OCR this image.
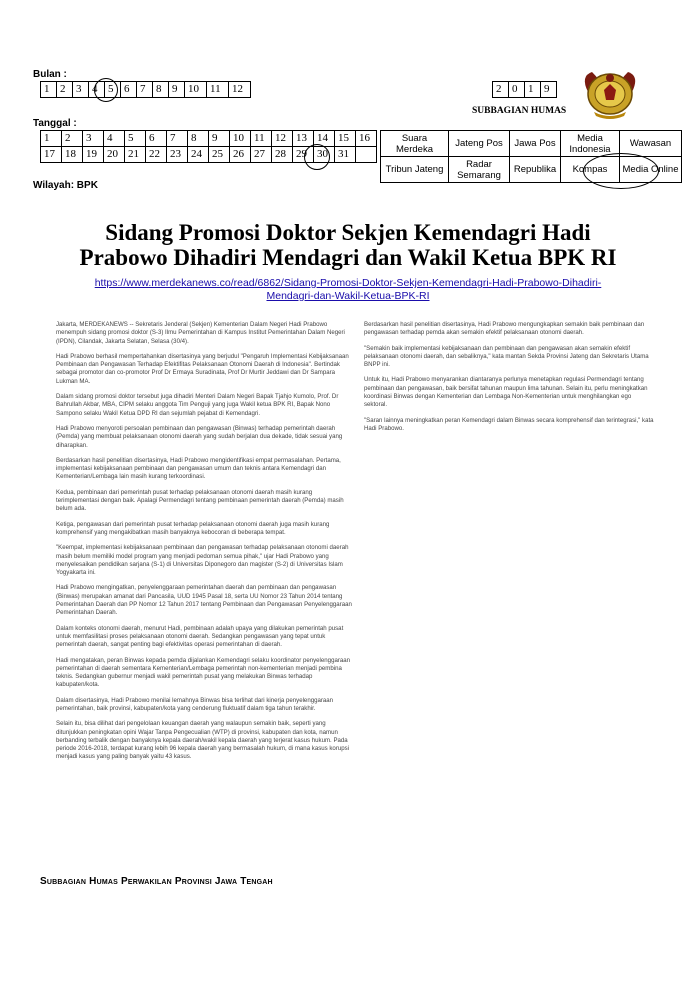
Bulan :
1	2	3	4	5	6	7	8	9	10	11	12	2	0	1	9
SUBBAGIAN HUMAS
Tanggal :
1	2	3	4	5	6	7	8	9	10	11	12	13	14	15	16
17	18	19	20	21	22	23	24	25	26	27	28	29	30	31	
Wilayah: BPK
Suara Merdeka	Jateng Pos	Jawa Pos	Media Indonesia	Wawasan
Tribun Jateng	Radar Semarang	Republika	Kompas	Media Online
Sidang Promosi Doktor Sekjen Kemendagri Hadi
Prabowo Dihadiri Mendagri dan Wakil Ketua BPK RI
https://www.merdekanews.co/read/6862/Sidang-Promosi-Doktor-Sekjen-Kemendagri-Hadi-Prabowo-Dihadiri-
Mendagri-dan-Wakil-Ketua-BPK-RI

Jakarta, MERDEKANEWS -- Sekretaris Jenderal (Sekjen) Kementerian Dalam Negeri Hadi Prabowo menempuh sidang promosi doktor (S-3) Ilmu Pemerintahan di Kampus Institut Pemerintahan Dalam Negeri (IPDN), Cilandak, Jakarta Selatan, Selasa (30/4).

Hadi Prabowo berhasil mempertahankan disertasinya yang berjudul "Pengaruh Implementasi Kebijaksanaan Pembinaan dan Pengawasan Terhadap Efektifitas Pelaksanaan Otonomi Daerah di Indonesia". Bertindak sebagai promotor dan co-promotor Prof Dr Ermaya Suradinata, Prof Dr Murtir Jeddawi dan Dr Sampara Lukman MA.

Dalam sidang promosi doktor tersebut juga dihadiri Menteri Dalam Negeri Bapak Tjahjo Kumolo, Prof. Dr Bahrullah Akbar, MBA, CIPM selaku anggota Tim Penguji yang juga Wakil ketua BPK RI, Bapak Nono Sampono selaku Wakil Ketua DPD RI dan sejumlah pejabat di Kemendagri.

Hadi Prabowo menyoroti persoalan pembinaan dan pengawasan (Binwas) terhadap pemerintah daerah (Pemda) yang membuat pelaksanaan otonomi daerah yang sudah berjalan dua dekade, tidak sesuai yang diharapkan.

Berdasarkan hasil penelitian disertasinya, Hadi Prabowo mengidentifikasi empat permasalahan. Pertama, implementasi kebijaksanaan pembinaan dan pengawasan umum dan teknis antara Kemendagri dan Kementerian/Lembaga lain masih kurang terkoordinasi.

Kedua, pembinaan dari pemerintah pusat terhadap pelaksanaan otonomi daerah masih kurang terimplementasi dengan baik. Apalagi Permendagri tentang pembinaan pemerintah daerah (Pemda) masih belum ada.

Ketiga, pengawasan dari pemerintah pusat terhadap pelaksanaan otonomi daerah juga masih kurang komprehensif yang mengakibatkan masih banyaknya kebocoran di beberapa tempat.

"Keempat, implementasi kebijaksanaan pembinaan dan pengawasan terhadap pelaksanaan otonomi daerah masih belum memiliki model program yang menjadi pedoman semua pihak," ujar Hadi Prabowo yang menyelesaikan pendidikan sarjana (S-1) di Universitas Diponegoro dan magister (S-2) di Universitas Islam Yogyakarta ini.

Hadi Prabowo mengingatkan, penyelenggaraan pemerintahan daerah dan pembinaan dan pengawasan (Binwas) merupakan amanat dari Pancasila, UUD 1945 Pasal 18, serta UU Nomor 23 Tahun 2014 tentang Pemerintahan Daerah dan PP Nomor 12 Tahun 2017 tentang Pembinaan dan Pengawasan Penyelenggaraan Pemerintahan Daerah.

Dalam konteks otonomi daerah, menurut Hadi, pembinaan adalah upaya yang dilakukan pemerintah pusat untuk memfasilitasi proses pelaksanaan otonomi daerah. Sedangkan pengawasan yang tepat untuk pemerintah daerah, sangat penting bagi efektivitas operasi pemerintahan di daerah.

Hadi mengatakan, peran Binwas kepada pemda dijalankan Kemendagri selaku koordinator penyelenggaraan pemerintahan di daerah sementara Kementerian/Lembaga pemerintah non-kementerian menjadi pembina teknis. Sedangkan gubernur menjadi wakil pemerintah pusat yang melakukan Binwas terhadap kabupaten/kota.

Dalam disertasinya, Hadi Prabowo menilai lemahnya Binwas bisa terlihat dari kinerja penyelenggaraan pemerintahan, baik provinsi, kabupaten/kota yang cenderung fluktuatif dalam tiga tahun terakhir.

Selain itu, bisa dilihat dari pengelolaan keuangan daerah yang walaupun semakin baik, seperti yang ditunjukkan peningkatan opini Wajar Tanpa Pengecualian (WTP) di provinsi, kabupaten dan kota, namun berbanding terbalik dengan banyaknya kepala daerah/wakil kepala daerah yang terjerat kasus hukum. Pada periode 2016-2018, terdapat kurang lebih 96 kepala daerah yang bermasalah hukum, di mana kasus korupsi menjadi kasus yang paling banyak yaitu 43 kasus.

Berdasarkan hasil penelitian disertasinya, Hadi Prabowo mengungkapkan semakin baik pembinaan dan pengawasan terhadap pemda akan semakin efektif pelaksanaan otonomi daerah.

"Semakin baik implementasi kebijaksanaan dan pembinaan dan pengawasan akan semakin efektif pelaksanaan otonomi daerah, dan sebaliknya," kata mantan Sekda Provinsi Jateng dan Sekretaris Utama BNPP ini.

Untuk itu, Hadi Prabowo menyarankan diantaranya perlunya menetapkan regulasi Permendagri tentang pembinaan dan pengawasan, baik bersifat tahunan maupun lima tahunan. Selain itu, perlu meningkatkan koordinasi Binwas dengan Kementerian dan Lembaga Non-Kementerian untuk menghilangkan ego sektoral.

"Saran lainnya meningkatkan peran Kemendagri dalam Binwas secara komprehensif dan terintegrasi," kata Hadi Prabowo.

Subbagian Humas Perwakilan Provinsi Jawa Tengah
